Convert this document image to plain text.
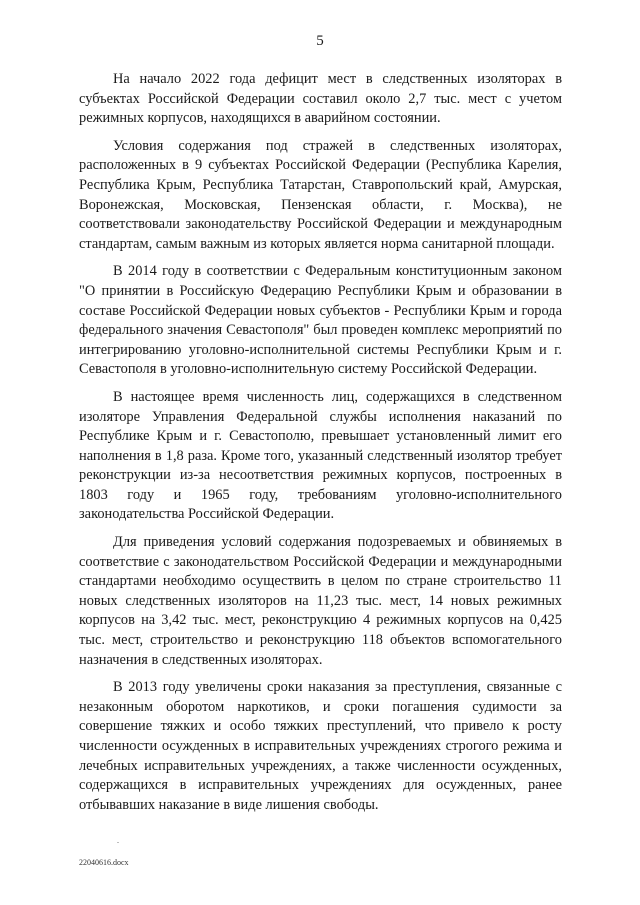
5

На начало 2022 года дефицит мест в следственных изоляторах в субъектах Российской Федерации составил около 2,7 тыс. мест с учетом режимных корпусов, находящихся в аварийном состоянии.

Условия содержания под стражей в следственных изоляторах, расположенных в 9 субъектах Российской Федерации (Республика Карелия, Республика Крым, Республика Татарстан, Ставропольский край, Амурская, Воронежская, Московская, Пензенская области, г. Москва), не соответствовали законодательству Российской Федерации и международным стандартам, самым важным из которых является норма санитарной площади.

В 2014 году в соответствии с Федеральным конституционным законом "О принятии в Российскую Федерацию Республики Крым и образовании в составе Российской Федерации новых субъектов - Республики Крым и города федерального значения Севастополя" был проведен комплекс мероприятий по интегрированию уголовно-исполнительной системы Республики Крым и г. Севастополя в уголовно-исполнительную систему Российской Федерации.

В настоящее время численность лиц, содержащихся в следственном изоляторе Управления Федеральной службы исполнения наказаний по Республике Крым и г. Севастополю, превышает установленный лимит его наполнения в 1,8 раза. Кроме того, указанный следственный изолятор требует реконструкции из-за несоответствия режимных корпусов, построенных в 1803 году и 1965 году, требованиям уголовно-исполнительного законодательства Российской Федерации.

Для приведения условий содержания подозреваемых и обвиняемых в соответствие с законодательством Российской Федерации и международными стандартами необходимо осуществить в целом по стране строительство 11 новых следственных изоляторов на 11,23 тыс. мест, 14 новых режимных корпусов на 3,42 тыс. мест, реконструкцию 4 режимных корпусов на 0,425 тыс. мест, строительство и реконструкцию 118 объектов вспомогательного назначения в следственных изоляторах.

В 2013 году увеличены сроки наказания за преступления, связанные с незаконным оборотом наркотиков, и сроки погашения судимости за совершение тяжких и особо тяжких преступлений, что привело к росту численности осужденных в исправительных учреждениях строгого режима и лечебных исправительных учреждениях, а также численности осужденных, содержащихся в исправительных учреждениях для осужденных, ранее отбывавших наказание в виде лишения свободы.

.
22040616.docx
